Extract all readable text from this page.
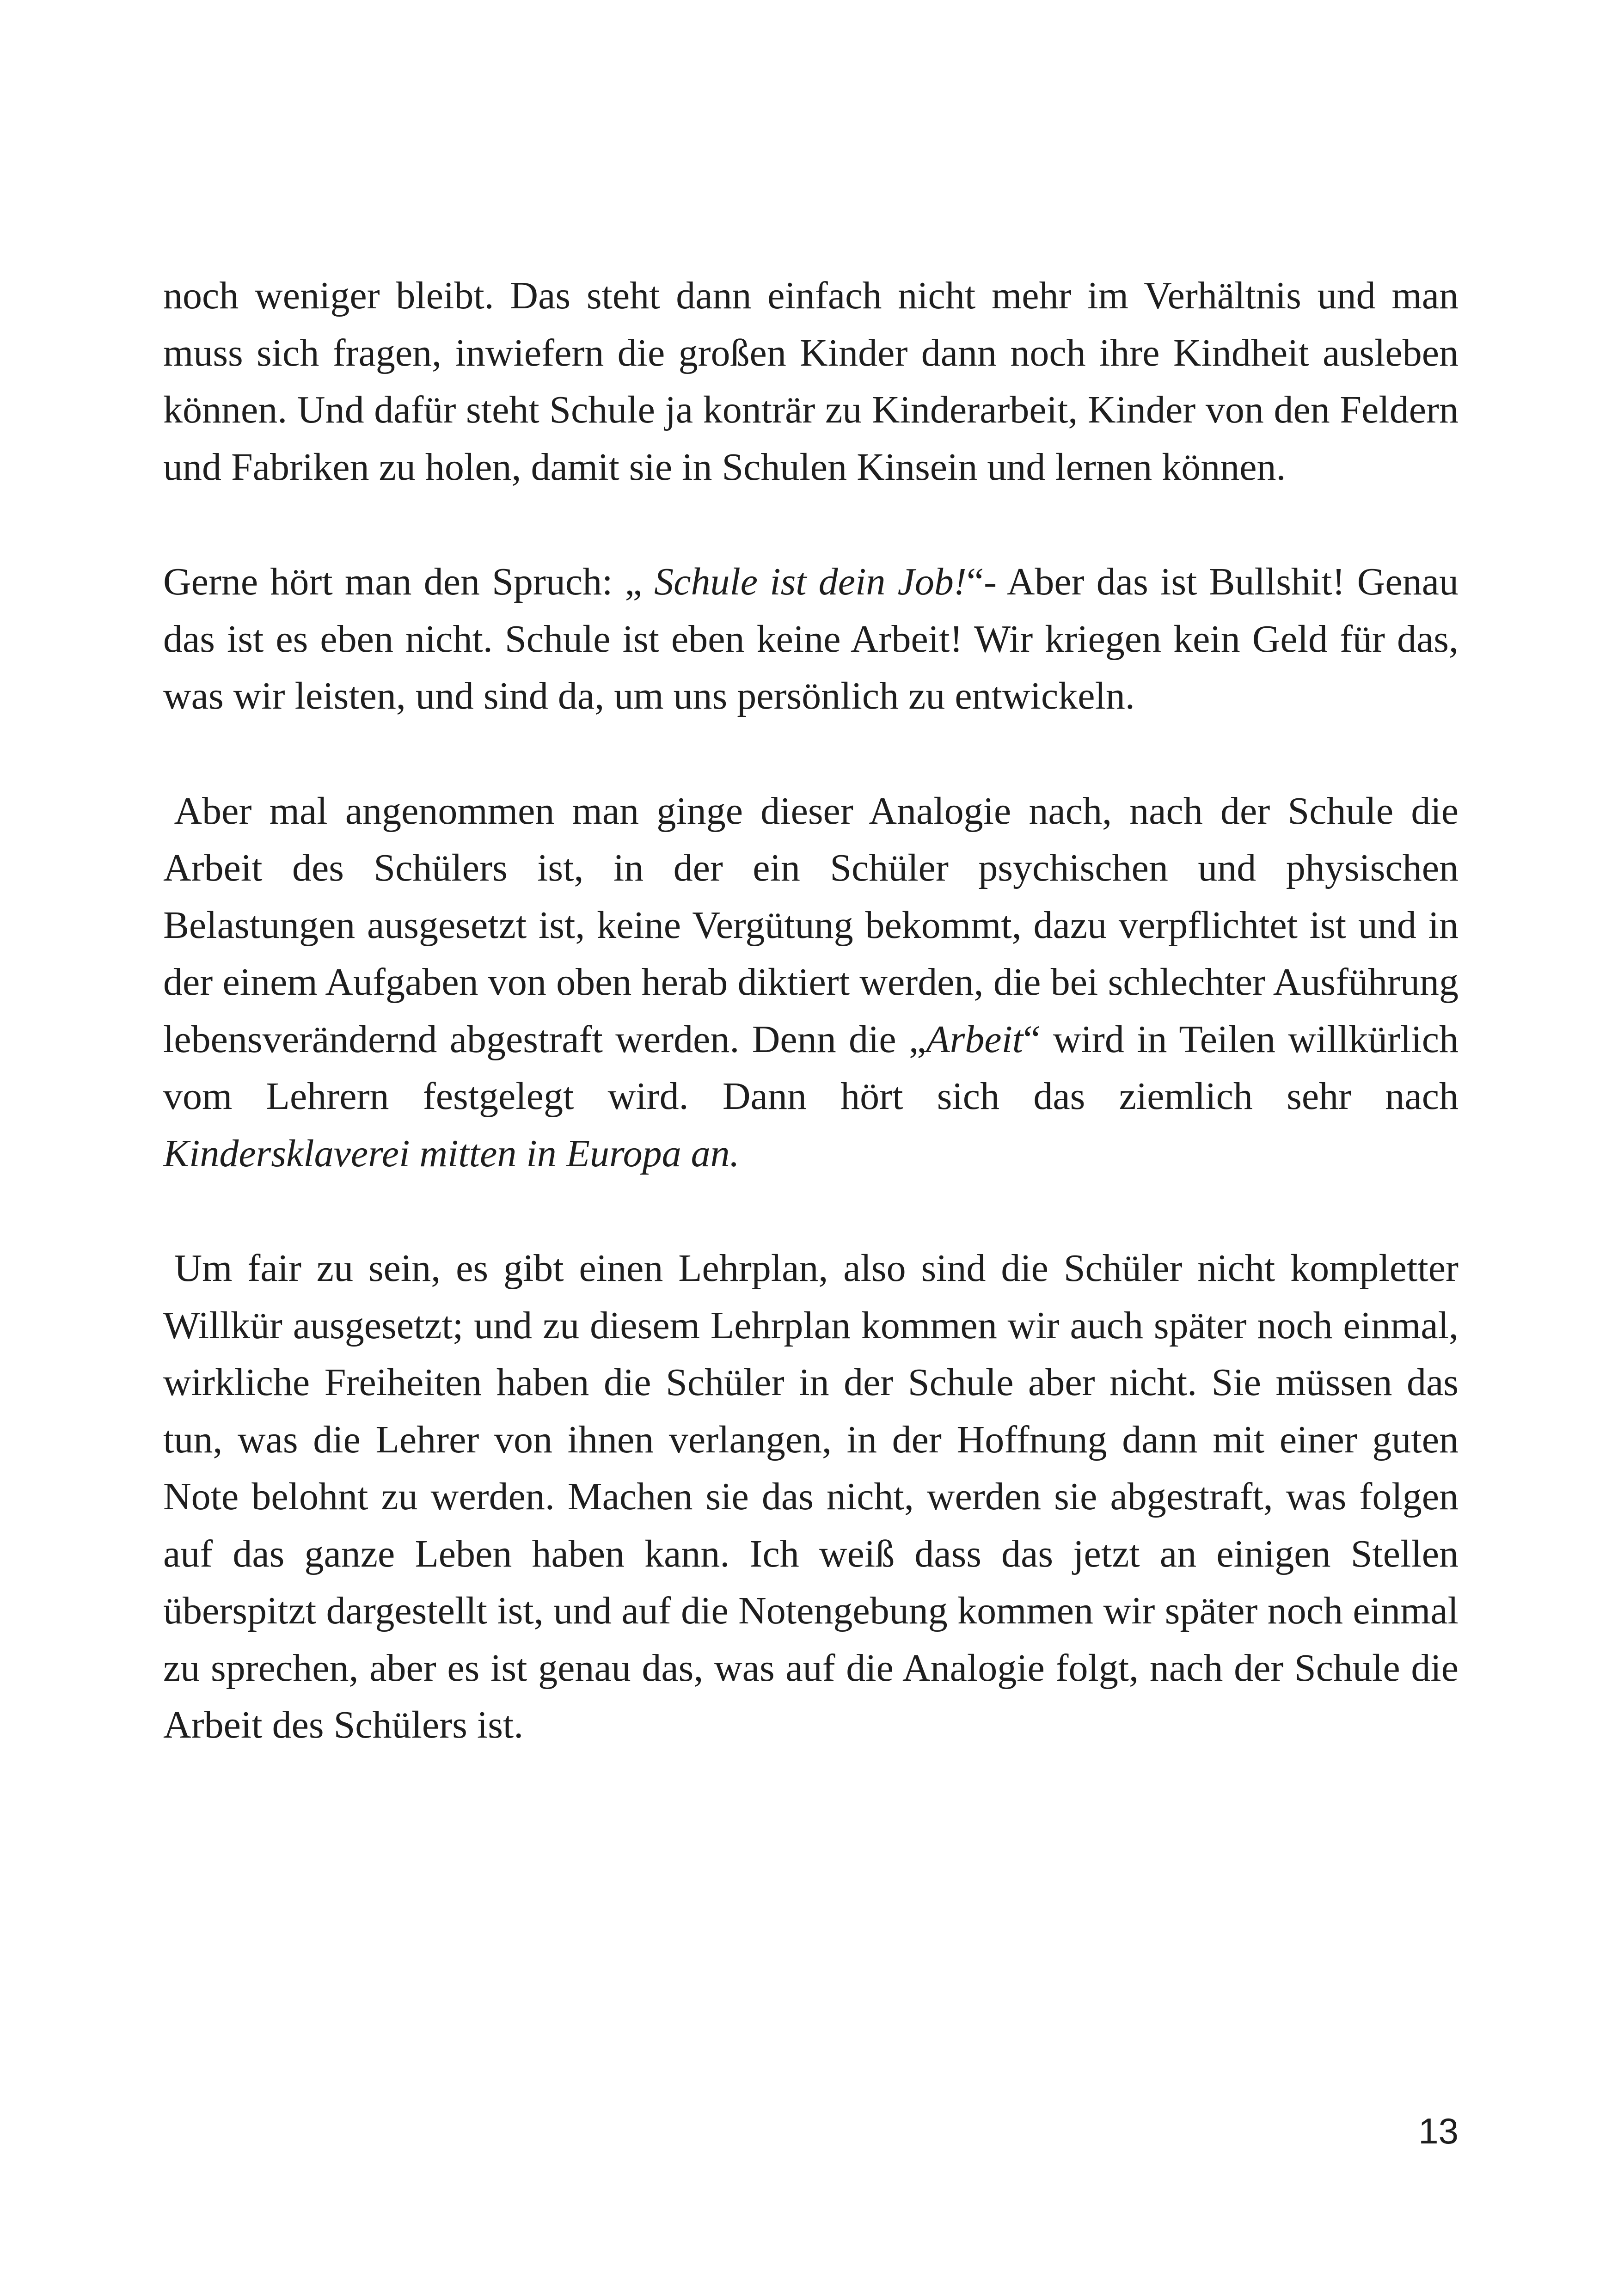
noch weniger bleibt. Das steht dann einfach nicht mehr im Verhältnis und man muss sich fragen, inwiefern die großen Kinder dann noch ihre Kindheit ausleben können. Und dafür steht Schule ja konträr zu Kinderarbeit, Kinder von den Feldern und Fabriken zu holen, damit sie in Schulen Kinsein und lernen können.

Gerne hört man den Spruch: „ Schule ist dein Job!“- Aber das ist Bullshit! Genau das ist es eben nicht. Schule ist eben keine Arbeit! Wir kriegen kein Geld für das, was wir leisten, und sind da, um uns persönlich zu entwickeln.

Aber mal angenommen man ginge dieser Analogie nach, nach der Schule die Arbeit des Schülers ist, in der ein Schüler psychischen und physischen Belastungen ausgesetzt ist, keine Vergütung bekommt, dazu verpflichtet ist und in der einem Aufgaben von oben herab diktiert werden, die bei schlechter Ausführung lebensverändernd abgestraft werden. Denn die „Arbeit“ wird in Teilen willkürlich vom Lehrern festgelegt wird. Dann hört sich das ziemlich sehr nach Kindersklaverei mitten in Europa an.

Um fair zu sein, es gibt einen Lehrplan, also sind die Schüler nicht kompletter Willkür ausgesetzt; und zu diesem Lehrplan kommen wir auch später noch einmal, wirkliche Freiheiten haben die Schüler in der Schule aber nicht. Sie müssen das tun, was die Lehrer von ihnen verlangen, in der Hoffnung dann mit einer guten Note belohnt zu werden. Machen sie das nicht, werden sie abgestraft, was folgen auf das ganze Leben haben kann. Ich weiß dass das jetzt an einigen Stellen überspitzt dargestellt ist, und auf die Notengebung kommen wir später noch einmal zu sprechen, aber es ist genau das, was auf die Analogie folgt, nach der Schule die Arbeit des Schülers ist.

13
